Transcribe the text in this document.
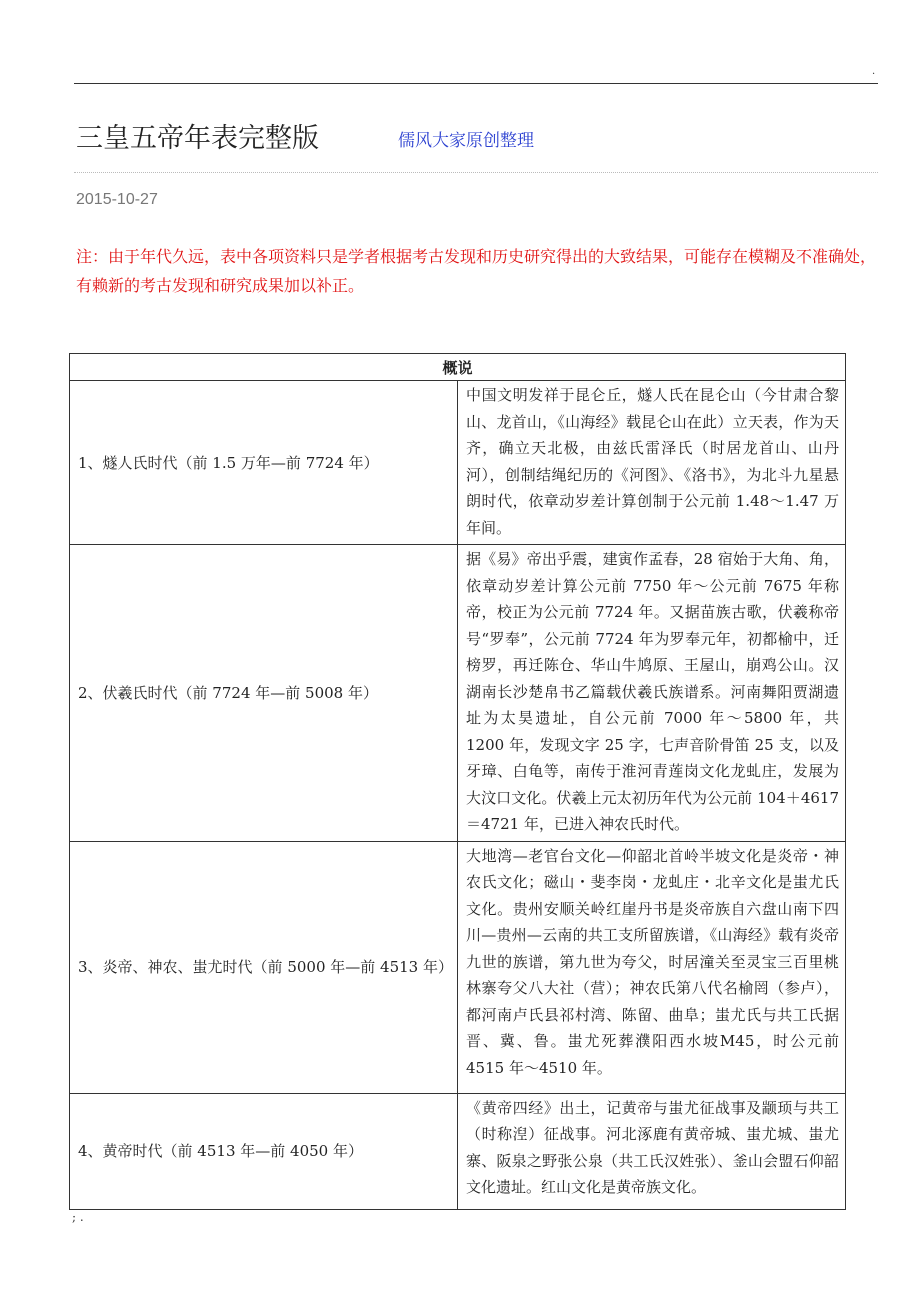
.
三皇五帝年表完整版	儒风大家原创整理
2015-10-27
注：由于年代久远，表中各项资料只是学者根据考古发现和历史研究得出的大致结果，可能存在模糊及不准确处，有赖新的考古发现和研究成果加以补正。
概说	
1、燧人氏时代（前 1.5 万年—前 7724 年）	中国文明发祥于昆仑丘，燧人氏在昆仑山（今甘肃合黎山、龙首山，《山海经》载昆仑山在此）立天表，作为天齐，确立天北极，由兹氏雷泽氏（时居龙首山、山丹河），创制结绳纪历的《河图》、《洛书》，为北斗九星悬朗时代，依章动岁差计算创制于公元前 1.48～1.47 万年间。
2、伏羲氏时代（前 7724 年—前 5008 年）	据《易》帝出乎震，建寅作孟春，28 宿始于大角、角，依章动岁差计算公元前 7750 年～公元前 7675 年称帝，校正为公元前 7724 年。又据苗族古歌，伏羲称帝号“罗奉”，公元前 7724 年为罗奉元年，初都榆中，迁榜罗，再迁陈仓、华山牛鸠原、王屋山，崩鸡公山。汉湖南长沙楚帛书乙篇载伏羲氏族谱系。河南舞阳贾湖遗址为太昊遗址，自公元前 7000 年～5800 年，共 1200 年，发现文字 25 字，七声音阶骨笛 25 支，以及牙璋、白龟等，南传于淮河青莲岗文化龙虬庄，发展为大汶口文化。伏羲上元太初历年代为公元前 104＋4617＝4721 年，已进入神农氏时代。
3、炎帝、神农、蚩尤时代（前 5000 年—前 4513 年）	大地湾—老官台文化—仰韶北首岭半坡文化是炎帝・神农氏文化；磁山・斐李岗・龙虬庄・北辛文化是蚩尤氏文化。贵州安顺关岭红崖丹书是炎帝族自六盘山南下四川—贵州—云南的共工支所留族谱，《山海经》载有炎帝九世的族谱，第九世为夸父，时居潼关至灵宝三百里桃林寨夸父八大社（营）；神农氏第八代名榆罔（参卢），都河南卢氏县祁村湾、陈留、曲阜；蚩尤氏与共工氏据晋、冀、鲁。蚩尤死葬濮阳西水坡M45，时公元前 4515 年～4510 年。
4、黄帝时代（前 4513 年—前 4050 年）	《黄帝四经》出土，记黄帝与蚩尤征战事及颛顼与共工（时称湼）征战事。河北涿鹿有黄帝城、蚩尤城、蚩尤寨、阪泉之野张公泉（共工氏汉姓张）、釜山会盟石仰韶文化遗址。红山文化是黄帝族文化。
; .
